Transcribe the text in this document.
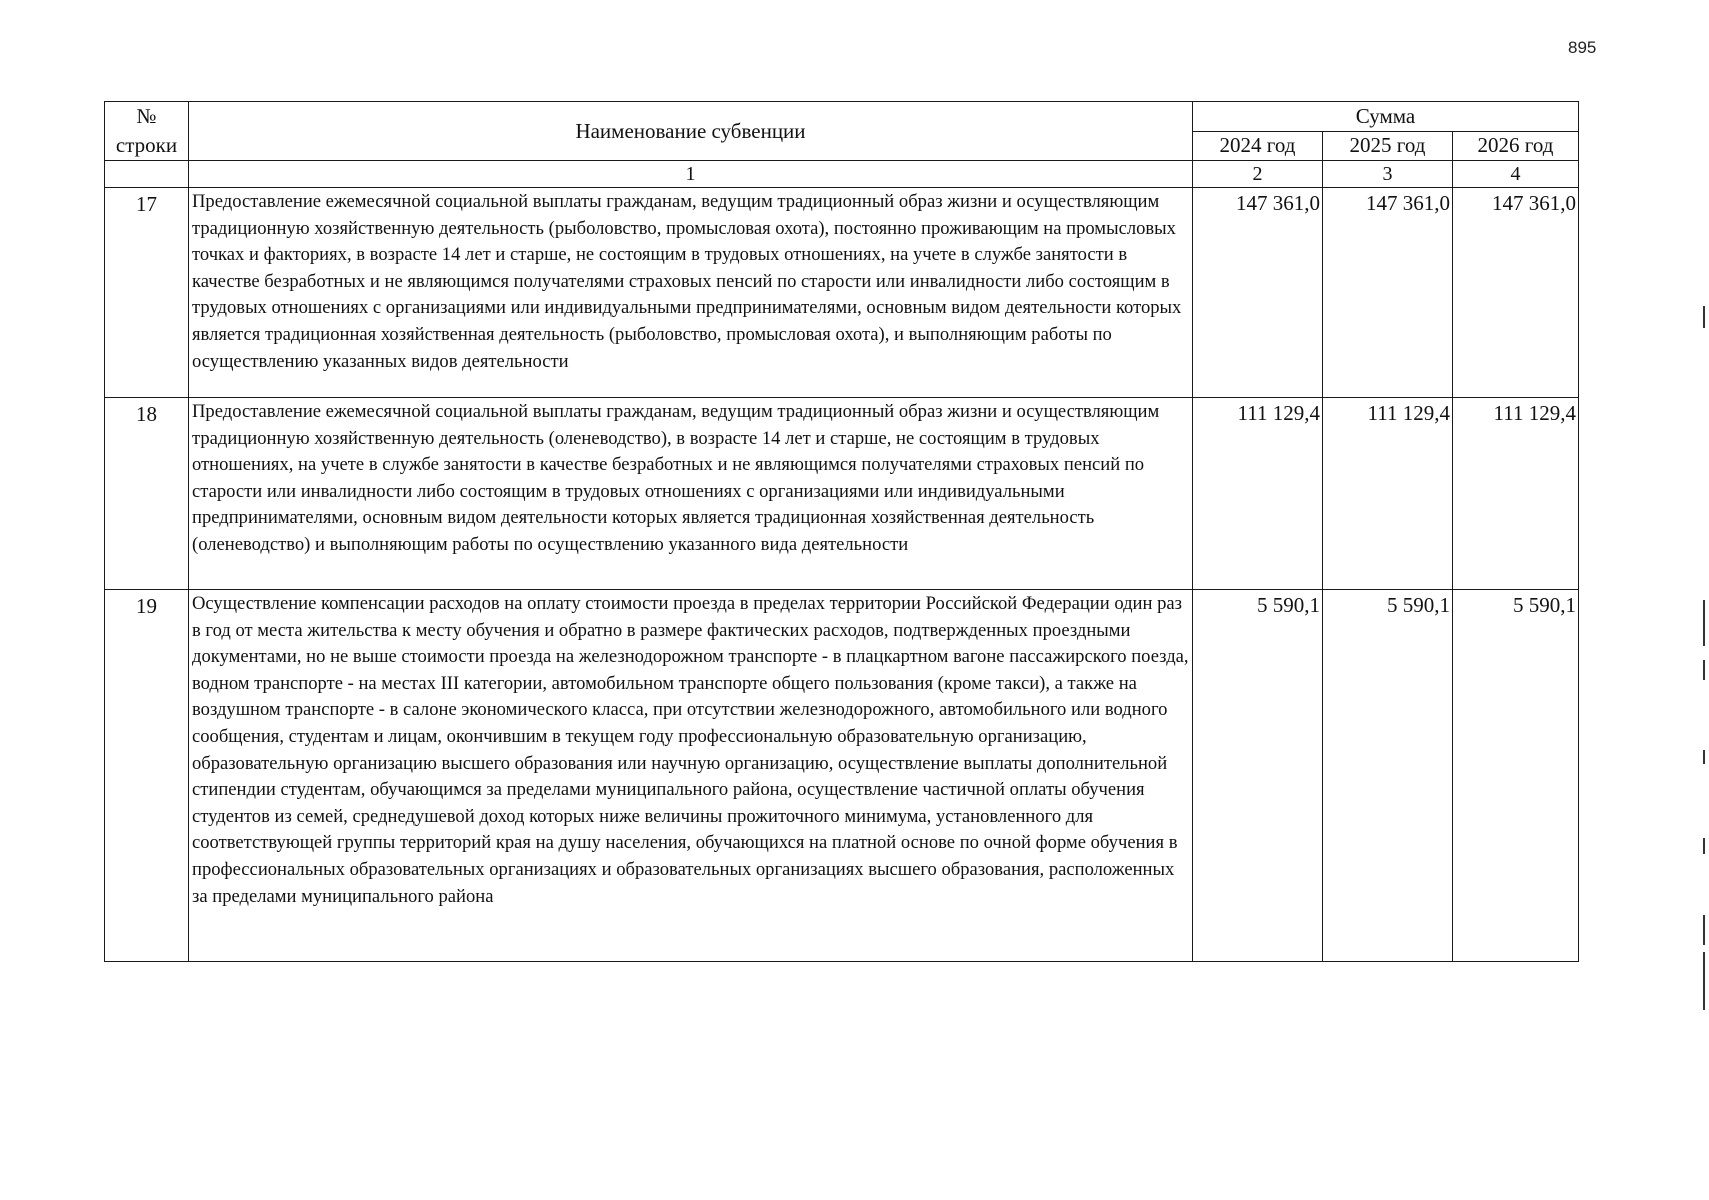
895
№
строки	Наименование субвенции	Сумма		
		2024 год	2025 год	2026 год
	1	2	3	4
17	Предоставление ежемесячной социальной выплаты гражданам, ведущим традиционный образ жизни и осуществляющим традиционную хозяйственную деятельность (рыболовство, промысловая охота), постоянно проживающим на промысловых точках и факториях, в возрасте 14 лет и старше, не состоящим в трудовых отношениях, на учете в службе занятости в качестве безработных и не являющимся получателями страховых пенсий по старости или инвалидности либо состоящим в трудовых отношениях с организациями или индивидуальными предпринимателями, основным видом деятельности которых является традиционная хозяйственная деятельность (рыболовство, промысловая охота), и выполняющим работы по осуществлению указанных видов деятельности	147 361,0	147 361,0	147 361,0
18	Предоставление ежемесячной социальной выплаты гражданам, ведущим традиционный образ жизни и осуществляющим традиционную хозяйственную деятельность (оленеводство), в возрасте 14 лет и старше, не состоящим в трудовых отношениях, на учете в службе занятости в качестве безработных и не являющимся получателями страховых пенсий по старости или инвалидности либо состоящим в трудовых отношениях с организациями или индивидуальными предпринимателями, основным видом деятельности которых является традиционная хозяйственная деятельность (оленеводство) и выполняющим работы по осуществлению указанного вида деятельности	111 129,4	111 129,4	111 129,4
19	Осуществление компенсации расходов на оплату стоимости проезда в пределах территории Российской Федерации один раз в год от места жительства к месту обучения и обратно в размере фактических расходов, подтвержденных проездными документами, но не выше стоимости проезда на железнодорожном транспорте - в плацкартном вагоне пассажирского поезда, водном транспорте - на местах III категории, автомобильном транспорте общего пользования (кроме такси), а также на воздушном транспорте - в салоне экономического класса, при отсутствии железнодорожного, автомобильного или водного сообщения, студентам и лицам, окончившим в текущем году профессиональную образовательную организацию, образовательную организацию высшего образования или научную организацию, осуществление выплаты дополнительной стипендии студентам, обучающимся за пределами муниципального района, осуществление частичной оплаты обучения студентов из семей, среднедушевой доход которых ниже величины прожиточного минимума, установленного для соответствующей группы территорий края на душу населения, обучающихся на платной основе по очной форме обучения в профессиональных образовательных организациях и образовательных организациях высшего образования, расположенных за пределами муниципального района	5 590,1	5 590,1	5 590,1
